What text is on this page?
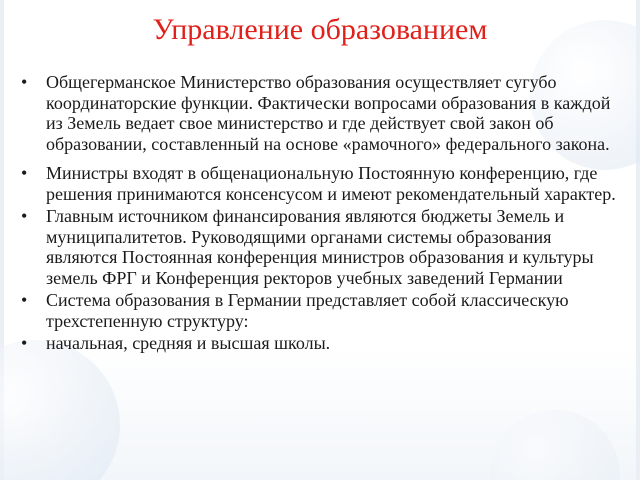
Управление образованием
• Общегерманское Министерство образования осуществляет сугубо координаторские функции. Фактически вопросами образования в каждой из Земель ведает свое министерство и где действует свой закон об образовании, составленный на основе «рамочного» федерального закона.
• Министры входят в общенациональную Постоянную конференцию, где решения принимаются консенсусом и имеют рекомендательный характер.
• Главным источником финансирования являются бюджеты Земель и муниципалитетов. Руководящими органами системы образования являются Постоянная конференция министров образования и культуры земель ФРГ и Конференция ректоров учебных заведений Германии
• Система образования в Германии представляет собой классическую трехстепенную структуру:
• начальная, средняя и высшая школы.
